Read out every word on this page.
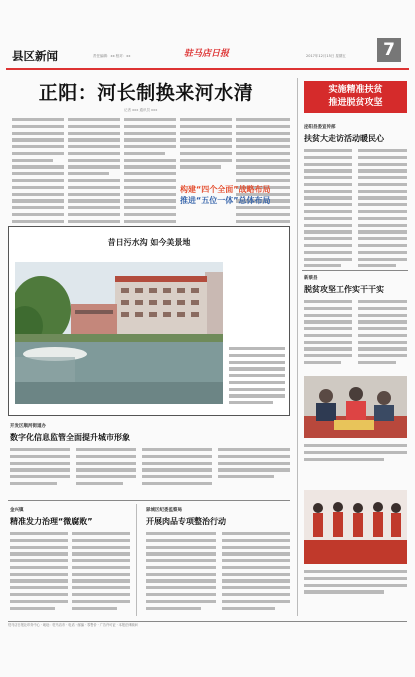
县区新闻	责任编辑：xx 校对：xx	驻马店日报	2017年12月15日 星期五	7
正阳：河长制换来河水清
记者 xxx 通讯员 xxx
实施精准扶贫
推进脱贫攻坚
构建“四个全面”战略布局
推进“五位一体”总体布局
昔日污水沟 如今美景地
开发区顺河街道办
数字化信息监管全面提升城市形象
金兴镇
精准发力治理“微腐败”
驿城区纪委监察局
开展肉品专项整治行动
泌阳县委宣传部
扶贫大走访活动暖民心
新蔡县
脱贫攻坚工作实干干实
驻马店日报社印务中心 · 地址：驻马店市 · 电话 · 邮编 · 零售价 · 广告许可证 · 本报法律顾问
